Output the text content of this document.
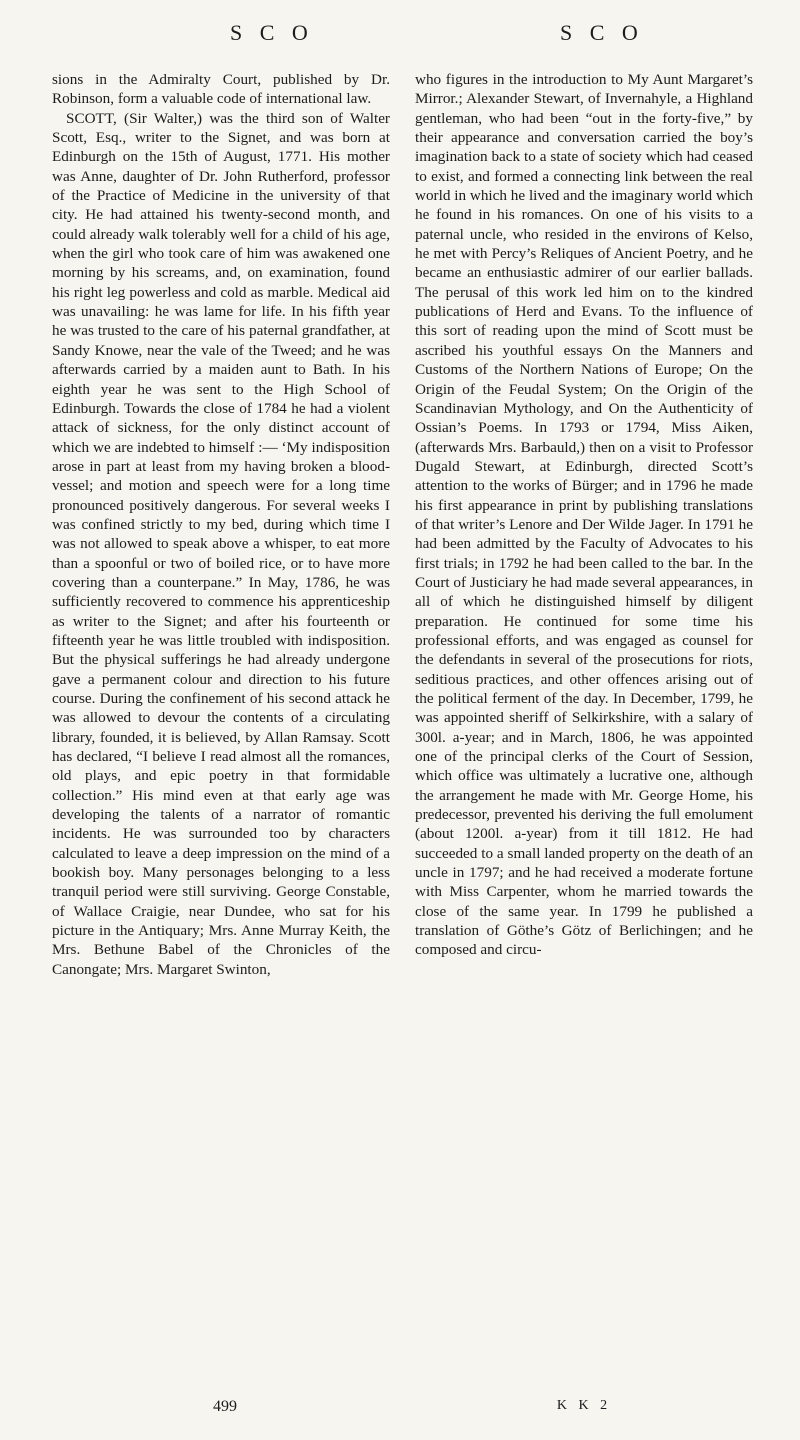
S C O	S C O

sions in the Admiralty Court, published by Dr. Robinson, form a valuable code of international law.

SCOTT, (Sir Walter,) was the third son of Walter Scott, Esq., writer to the Signet, and was born at Edinburgh on the 15th of August, 1771. His mother was Anne, daughter of Dr. John Rutherford, professor of the Practice of Medicine in the university of that city. He had attained his twenty-second month, and could already walk tolerably well for a child of his age, when the girl who took care of him was awakened one morning by his screams, and, on examination, found his right leg powerless and cold as marble. Medical aid was unavailing: he was lame for life. In his fifth year he was trusted to the care of his paternal grandfather, at Sandy Knowe, near the vale of the Tweed; and he was afterwards carried by a maiden aunt to Bath. In his eighth year he was sent to the High School of Edinburgh. Towards the close of 1784 he had a violent attack of sickness, for the only distinct account of which we are indebted to himself :— ‘My indisposition arose in part at least from my having broken a blood-vessel; and motion and speech were for a long time pronounced positively dangerous. For several weeks I was confined strictly to my bed, during which time I was not allowed to speak above a whisper, to eat more than a spoonful or two of boiled rice, or to have more covering than a counterpane.” In May, 1786, he was sufficiently recovered to commence his apprenticeship as writer to the Signet; and after his fourteenth or fifteenth year he was little troubled with indisposition. But the physical sufferings he had already undergone gave a permanent colour and direction to his future course. During the confinement of his second attack he was allowed to devour the contents of a circulating library, founded, it is believed, by Allan Ramsay. Scott has declared, “I believe I read almost all the romances, old plays, and epic poetry in that formidable collection.” His mind even at that early age was developing the talents of a narrator of romantic incidents. He was surrounded too by characters calculated to leave a deep impression on the mind of a bookish boy. Many personages belonging to a less tranquil period were still surviving. George Constable, of Wallace Craigie, near Dundee, who sat for his picture in the Antiquary; Mrs. Anne Murray Keith, the Mrs. Bethune Babel of the Chronicles of the Canongate; Mrs. Margaret Swinton,

who figures in the introduction to My Aunt Margaret’s Mirror.; Alexander Stewart, of Invernahyle, a Highland gentleman, who had been “out in the forty-five,” by their appearance and conversation carried the boy’s imagination back to a state of society which had ceased to exist, and formed a connecting link between the real world in which he lived and the imaginary world which he found in his romances. On one of his visits to a paternal uncle, who resided in the environs of Kelso, he met with Percy’s Reliques of Ancient Poetry, and he became an enthusiastic admirer of our earlier ballads. The perusal of this work led him on to the kindred publications of Herd and Evans. To the influence of this sort of reading upon the mind of Scott must be ascribed his youthful essays On the Manners and Customs of the Northern Nations of Europe; On the Origin of the Feudal System; On the Origin of the Scandinavian Mythology, and On the Authenticity of Ossian’s Poems. In 1793 or 1794, Miss Aiken, (afterwards Mrs. Barbauld,) then on a visit to Professor Dugald Stewart, at Edinburgh, directed Scott’s attention to the works of Bürger; and in 1796 he made his first appearance in print by publishing translations of that writer’s Lenore and Der Wilde Jager. In 1791 he had been admitted by the Faculty of Advocates to his first trials; in 1792 he had been called to the bar. In the Court of Justiciary he had made several appearances, in all of which he distinguished himself by diligent preparation. He continued for some time his professional efforts, and was engaged as counsel for the defendants in several of the prosecutions for riots, seditious practices, and other offences arising out of the political ferment of the day. In December, 1799, he was appointed sheriff of Selkirkshire, with a salary of 300l. a-year; and in March, 1806, he was appointed one of the principal clerks of the Court of Session, which office was ultimately a lucrative one, although the arrangement he made with Mr. George Home, his predecessor, prevented his deriving the full emolument (about 1200l. a-year) from it till 1812. He had succeeded to a small landed property on the death of an uncle in 1797; and he had received a moderate fortune with Miss Carpenter, whom he married towards the close of the same year. In 1799 he published a translation of Göthe’s Götz of Berlichingen; and he composed and circu-

499	K K 2
